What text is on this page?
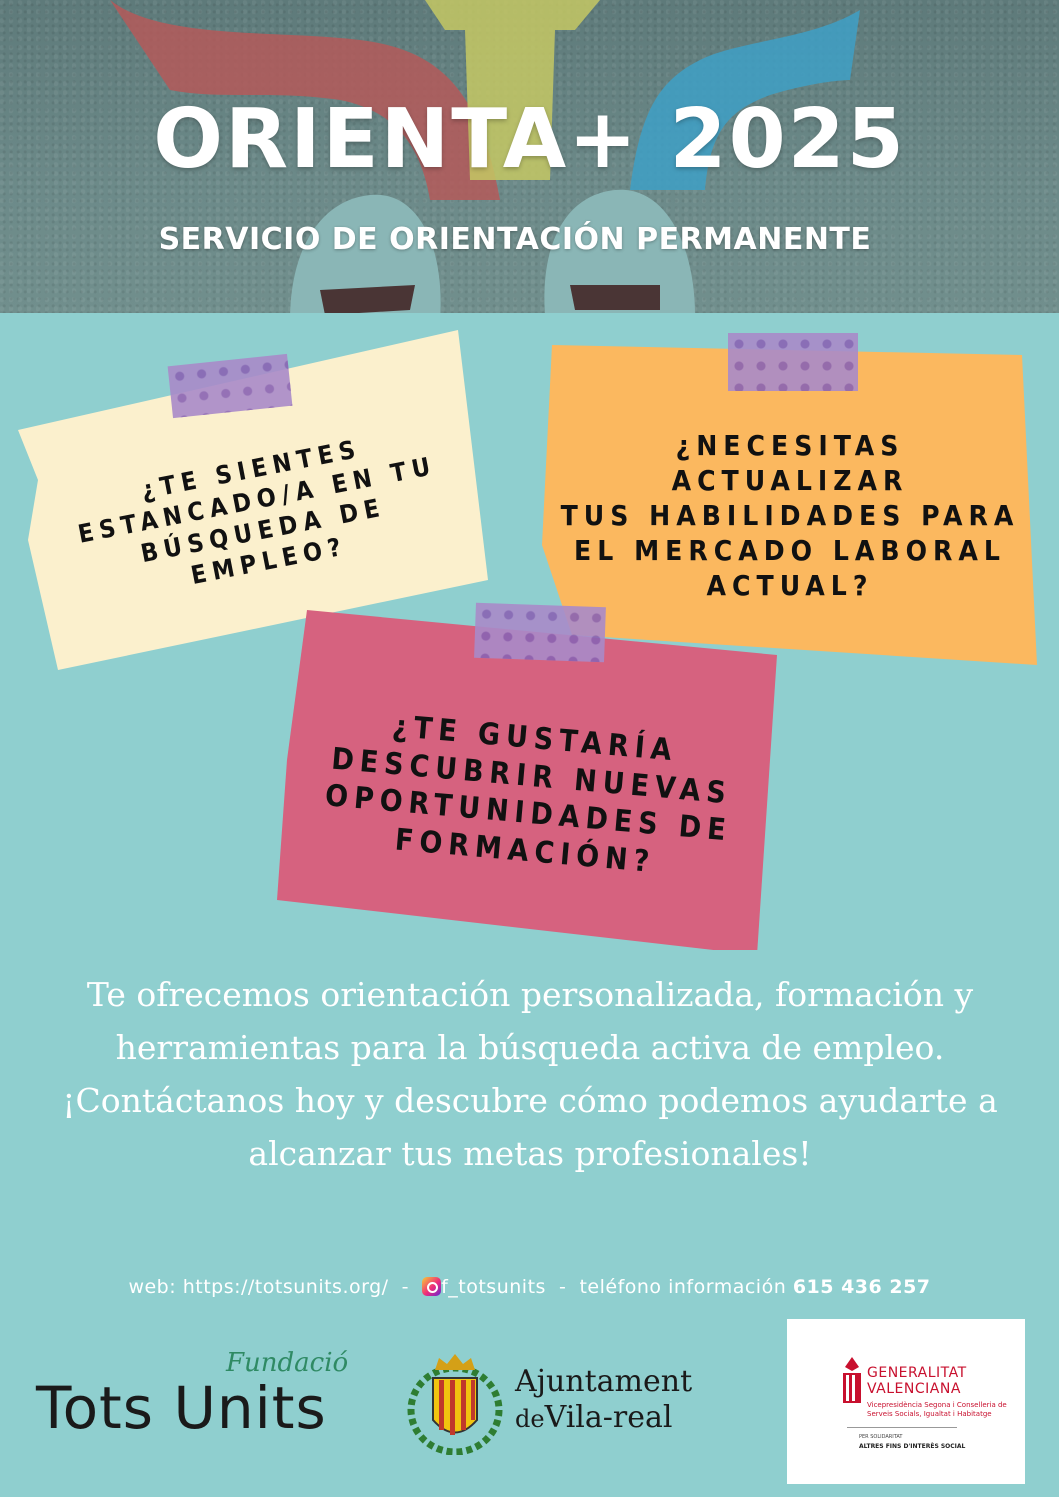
ORIENTA+ 2025
SERVICIO DE ORIENTACIÓN PERMANENTE
¿TE SIENTES
ESTANCADO/A EN TU
BÚSQUEDA DE EMPLEO?
¿NECESITAS ACTUALIZAR
TUS HABILIDADES PARA
EL MERCADO LABORAL
ACTUAL?
¿TE GUSTARÍA
DESCUBRIR NUEVAS
OPORTUNIDADES DE
FORMACIÓN?
Te ofrecemos orientación personalizada, formación y herramientas para la búsqueda activa de empleo.
¡Contáctanos hoy y descubre cómo podemos ayudarte a alcanzar tus metas profesionales!
web: https://totsunits.org/ - f_totsunits - teléfono información 615 436 257
Fundació
Tots Units	Ajuntament
deVila-real
GENERALITAT
VALENCIANA
Vicepresidència Segona i Conselleria de Serveis Socials, Igualtat i Habitatge
PER SOLIDARITAT
ALTRES FINS D'INTERÈS SOCIAL
